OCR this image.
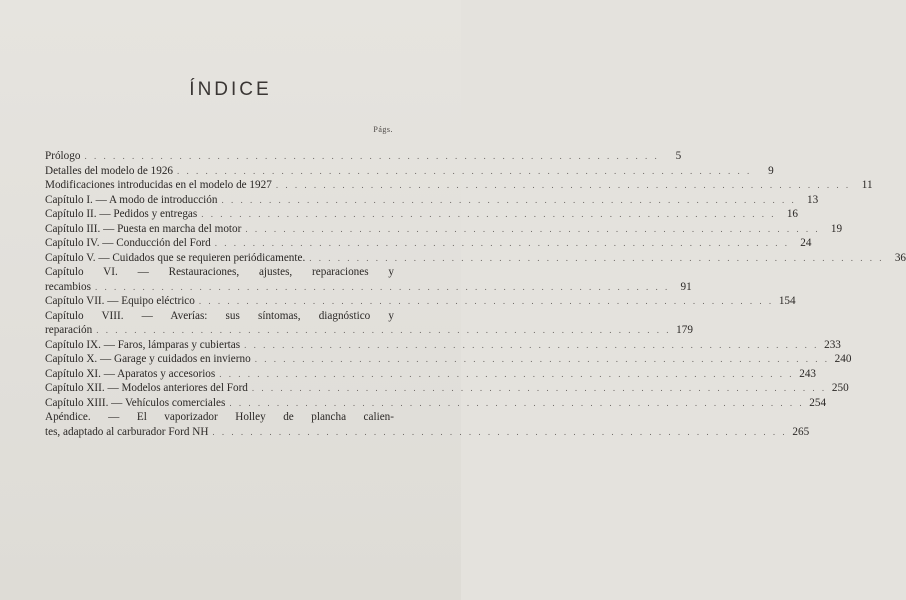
ÍNDICE
Págs.
Prólogo . . .	5
Detalles del modelo de 1926 . . .	9
Modificaciones introducidas en el modelo de 1927 . . .	11
Capítulo I. — A modo de introducción . . .	13
Capítulo II. — Pedidos y entregas . . .	16
Capítulo III. — Puesta en marcha del motor . . .	19
Capítulo IV. — Conducción del Ford . . .	24
Capítulo V. — Cuidados que se requieren periódicamente. . . .	36
Capítulo VI. — Restauraciones, ajustes, reparaciones y
recambios . . .	91
Capítulo VII. — Equipo eléctrico . . .	154
Capítulo VIII. — Averías: sus síntomas, diagnóstico y
reparación . . .	179
Capítulo IX. — Faros, lámparas y cubiertas . . .	233
Capítulo X. — Garage y cuidados en invierno . . .	240
Capítulo XI. — Aparatos y accesorios . . .	243
Capítulo XII. — Modelos anteriores del Ford . . .	250
Capítulo XIII. — Vehículos comerciales . . .	254
Apéndice. — El vaporizador Holley de plancha calien-
tes, adaptado al carburador Ford NH . . .	265
